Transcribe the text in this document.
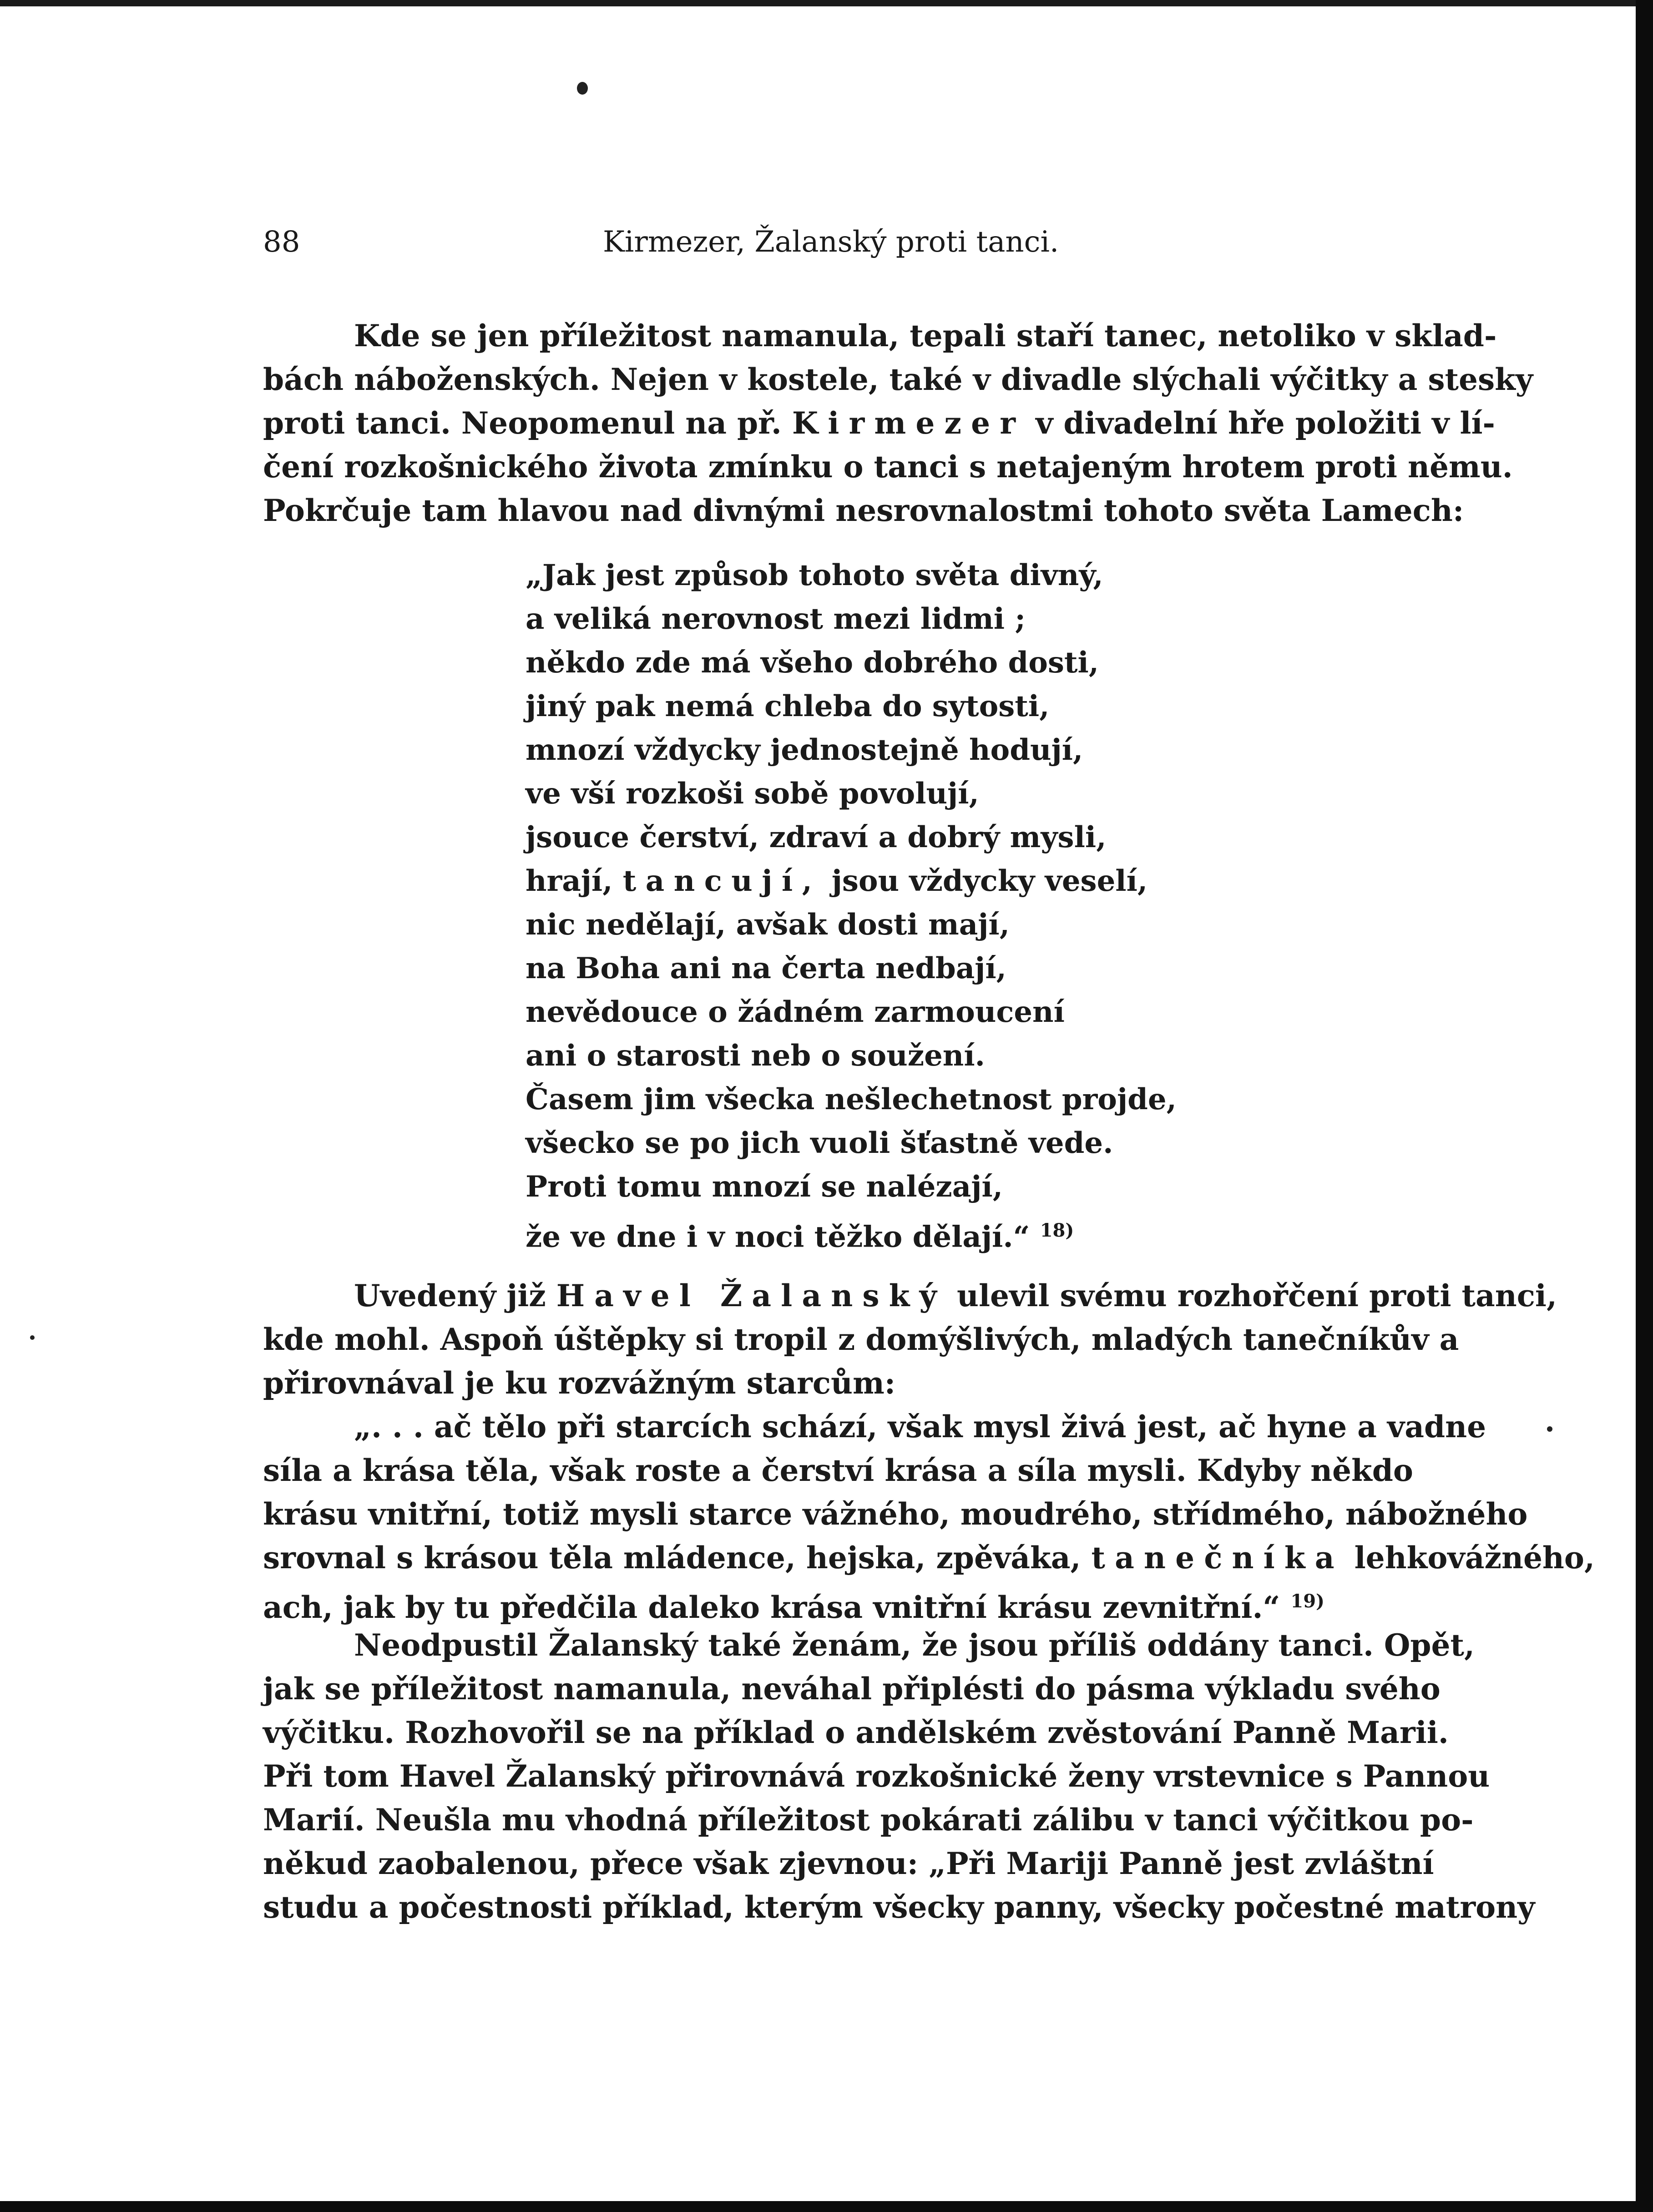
88	Kirmezer, Žalanský proti tanci.
Kde se jen příležitost namanula, tepali staří tanec, netoliko v sklad-
bách náboženských. Nejen v kostele, také v divadle slýchali výčitky a stesky
proti tanci. Neopomenul na př. Kirmezer v divadelní hře položiti v lí-
čení rozkošnického života zmínku o tanci s netajeným hrotem proti němu.
Pokrčuje tam hlavou nad divnými nesrovnalostmi tohoto světa Lamech:
„Jak jest způsob tohoto světa divný,
a veliká nerovnost mezi lidmi ;
někdo zde má všeho dobrého dosti,
jiný pak nemá chleba do sytosti,
mnozí vždycky jednostejně hodují,
ve vší rozkoši sobě povolují,
jsouce čerství, zdraví a dobrý mysli,
hrají, tancují, jsou vždycky veselí,
nic nedělají, avšak dosti mají,
na Boha ani na čerta nedbají,
nevědouce o žádném zarmoucení
ani o starosti neb o soužení.
Časem jim všecka nešlechetnost projde,
všecko se po jich vuoli šťastně vede.
Proti tomu mnozí se nalézají,
že ve dne i v noci těžko dělají.“ $^{18)}$
Uvedený již Havel Žalanský ulevil svému rozhořčení proti tanci,
kde mohl. Aspoň úštěpky si tropil z domýšlivých, mladých tanečníkův a
přirovnával je ku rozvážným starcům:
„. . . ač tělo při starcích schází, však mysl živá jest, ač hyne a vadne
síla a krása těla, však roste a čerství krása a síla mysli. Kdyby někdo
krásu vnitřní, totiž mysli starce vážného, moudrého, střídmého, nábožného
srovnal s krásou těla mládence, hejska, zpěváka, tanečníka lehkovážného,
ach, jak by tu předčila daleko krása vnitřní krásu zevnitřní.“ $^{19)}$
Neodpustil Žalanský také ženám, že jsou příliš oddány tanci. Opět,
jak se příležitost namanula, neváhal připlésti do pásma výkladu svého
výčitku. Rozhovořil se na příklad o andělském zvěstování Panně Marii.
Při tom Havel Žalanský přirovnává rozkošnické ženy vrstevnice s Pannou
Marií. Neušla mu vhodná příležitost pokárati zálibu v tanci výčitkou po-
někud zaobalenou, přece však zjevnou: „Při Mariji Panně jest zvláštní
studu a počestnosti příklad, kterým všecky panny, všecky počestné matrony
